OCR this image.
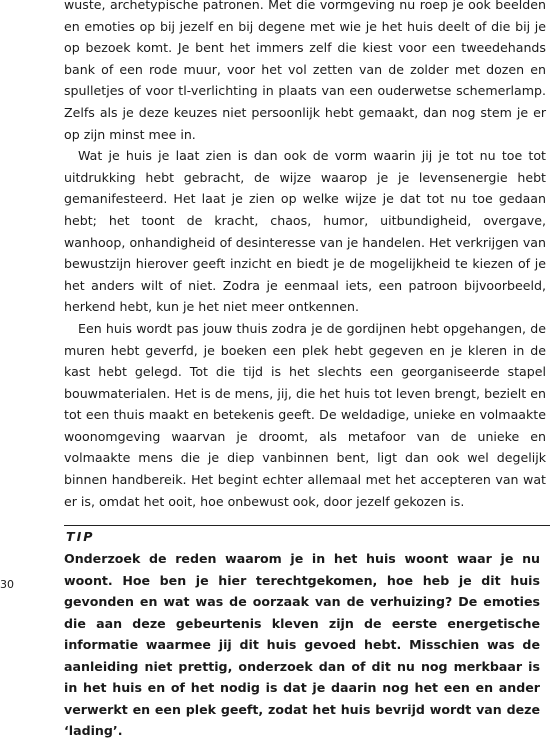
wuste, archetypische patronen. Met die vormgeving nu roep je ook beelden en emoties op bij jezelf en bij degene met wie je het huis deelt of die bij je op bezoek komt. Je bent het immers zelf die kiest voor een tweedehands bank of een rode muur, voor het vol zetten van de zolder met dozen en spulletjes of voor tl-verlichting in plaats van een ouderwetse schemerlamp. Zelfs als je deze keuzes niet persoonlijk hebt gemaakt, dan nog stem je er op zijn minst mee in.

Wat je huis je laat zien is dan ook de vorm waarin jij je tot nu toe tot uitdrukking hebt gebracht, de wijze waarop je je levensenergie hebt gemanifesteerd. Het laat je zien op welke wijze je dat tot nu toe gedaan hebt; het toont de kracht, chaos, humor, uitbundigheid, overgave, wanhoop, onhandigheid of desinteresse van je handelen. Het verkrijgen van bewustzijn hierover geeft inzicht en biedt je de mogelijkheid te kiezen of je het anders wilt of niet. Zodra je eenmaal iets, een patroon bijvoorbeeld, herkend hebt, kun je het niet meer ontkennen.

Een huis wordt pas jouw thuis zodra je de gordijnen hebt opgehangen, de muren hebt geverfd, je boeken een plek hebt gegeven en je kleren in de kast hebt gelegd. Tot die tijd is het slechts een georganiseerde stapel bouwmaterialen. Het is de mens, jij, die het huis tot leven brengt, bezielt en tot een thuis maakt en betekenis geeft. De weldadige, unieke en volmaakte woonomgeving waarvan je droomt, als metafoor van de unieke en volmaakte mens die je diep vanbinnen bent, ligt dan ook wel degelijk binnen handbereik. Het begint echter allemaal met het accepteren van wat er is, omdat het ooit, hoe onbewust ook, door jezelf gekozen is.

TIP

Onderzoek de reden waarom je in het huis woont waar je nu woont. Hoe ben je hier terechtgekomen, hoe heb je dit huis gevonden en wat was de oorzaak van de verhuizing? De emoties die aan deze gebeurtenis kleven zijn de eerste energetische informatie waarmee jij dit huis gevoed hebt. Misschien was de aanleiding niet prettig, onderzoek dan of dit nu nog merkbaar is in het huis en of het nodig is dat je daarin nog het een en ander verwerkt en een plek geeft, zodat het huis bevrijd wordt van deze ‘lading’.

30
